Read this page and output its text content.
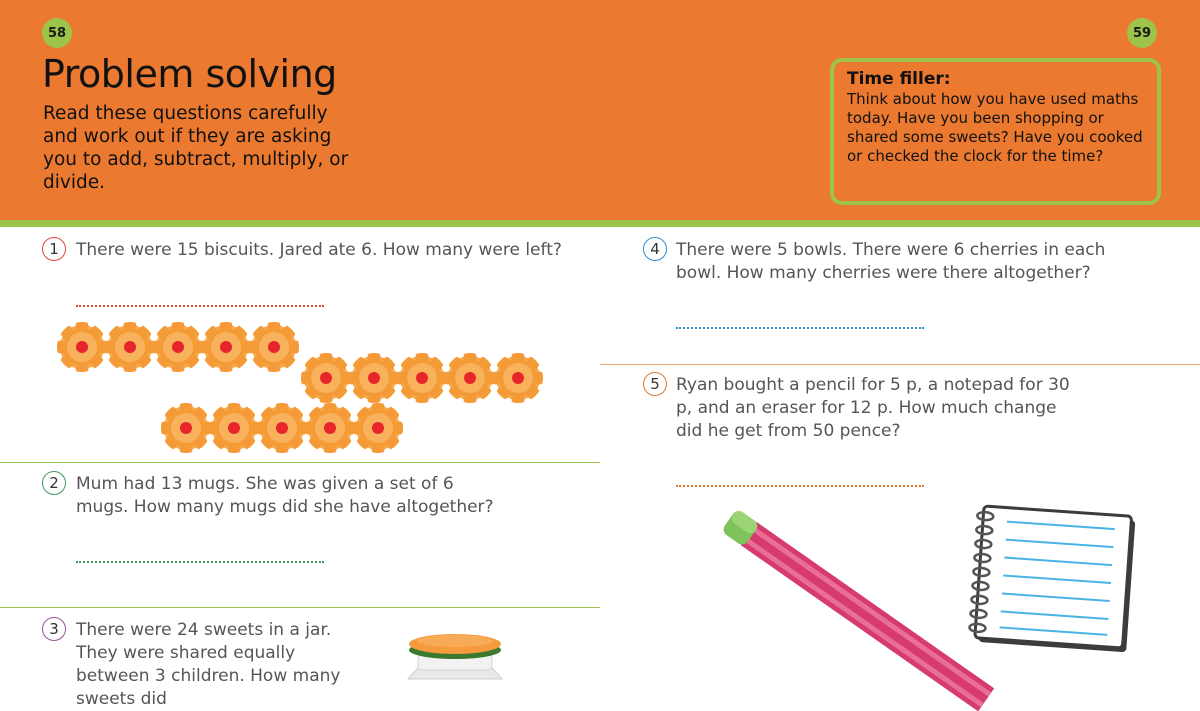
58	59
Problem solving
Read these questions carefully and work out if they are asking you to add, subtract, multiply, or divide.
Time filler:
Think about how you have used maths today. Have you been shopping or shared some sweets? Have you cooked or checked the clock for the time?
1	There were 15 biscuits. Jared ate 6. How many were left?
2	Mum had 13 mugs. She was given a set of 6 mugs. How many mugs did she have altogether?
3	There were 24 sweets in a jar. They were shared equally between 3 children. How many sweets did
4 There were 5 bowls. There were 6 cherries in each bowl. How many cherries were there altogether?
5 Ryan bought a pencil for 5 p, a notepad for 30 p, and an eraser for 12 p. How much change did he get from 50 pence?
